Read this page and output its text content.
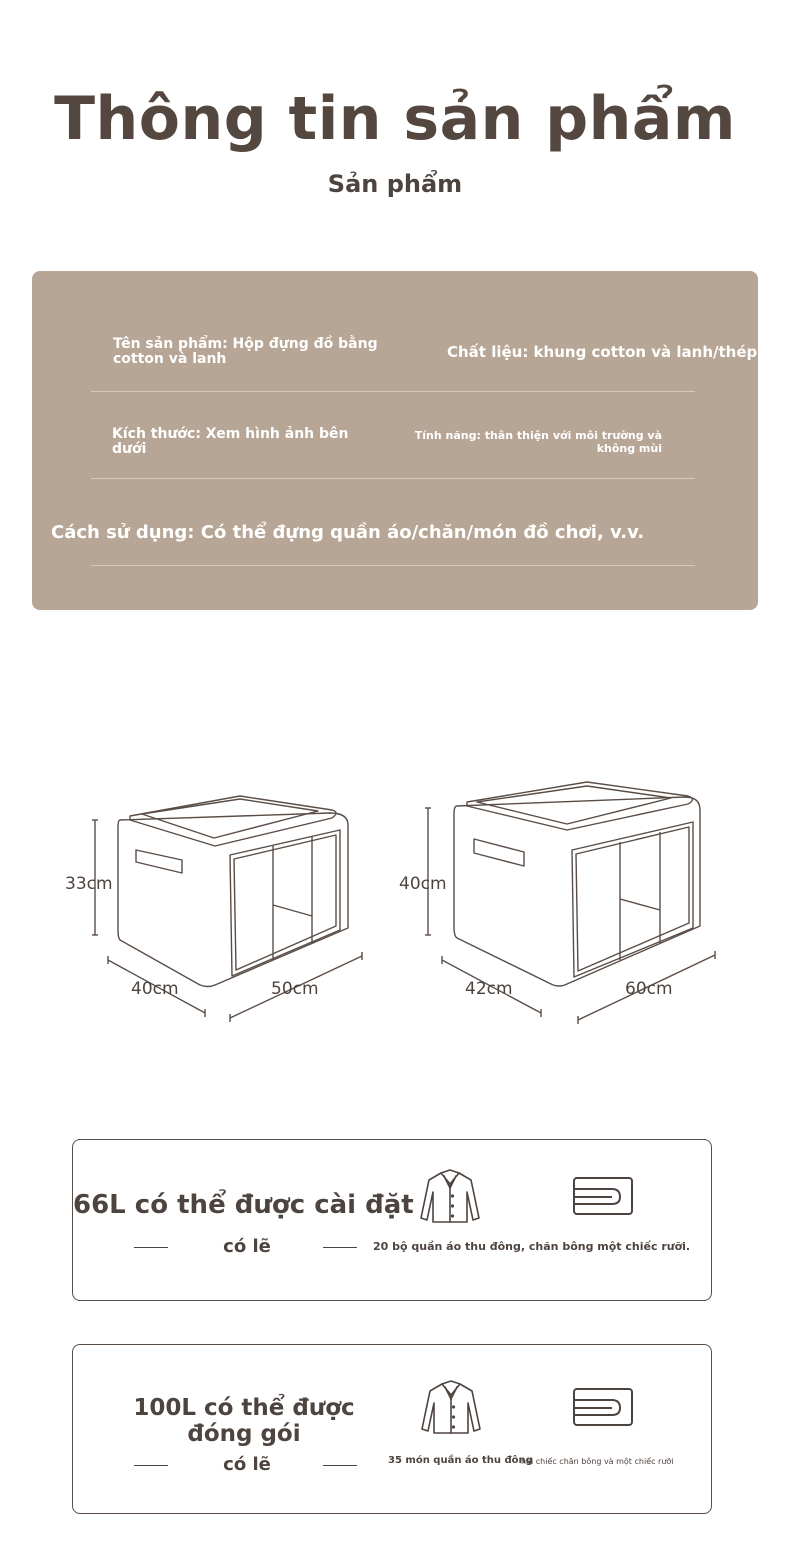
Thông tin sản phẩm
Sản phẩm
Tên sản phẩm: Hộp đựng đồ bằng cotton và lanh	Chất liệu: khung cotton và lanh/thép
Kích thước: Xem hình ảnh bên dưới
Tính năng: thân thiện với môi trường và không mùi
Cách sử dụng: Có thể đựng quần áo/chăn/món đồ chơi, v.v.
33cm
40cm	50cm
40cm
42cm	60cm
66L có thể được cài đặt
có lẽ	20 bộ quần áo thu đông, chăn bông một chiếc rưỡi.
100L có thể được đóng gói
có lẽ	35 món quần áo thu đông
hai chiếc chăn bông và một chiếc rưỡi
